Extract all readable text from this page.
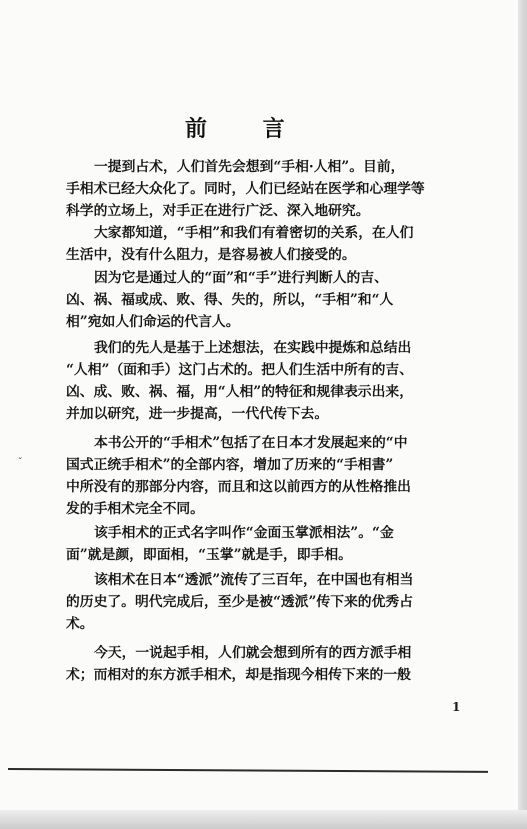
前 言
一提到占术，人们首先会想到“手相·人相”。目前，
手相术已经大众化了。同时，人们已经站在医学和心理学等
科学的立场上，对手正在进行广泛、深入地研究。
大家都知道，“手相”和我们有着密切的关系，在人们
生活中，没有什么阻力，是容易被人们接受的。
因为它是通过人的“面”和“手”进行判断人的吉、
凶、祸、福或成、败、得、失的，所以，“手相”和“人
相”宛如人们命运的代言人。
我们的先人是基于上述想法，在实践中提炼和总结出
“人相”（面和手）这门占术的。把人们生活中所有的吉、
凶、成、败、祸、福，用“人相”的特征和规律表示出来，
并加以研究，进一步提高，一代代传下去。
ˇ
本书公开的“手相术”包括了在日本才发展起来的“中
国式正统手相术”的全部内容，增加了历来的“手相書”
中所没有的那部分内容，而且和这以前西方的从性格推出
发的手相术完全不同。
该手相术的正式名字叫作“金面玉掌派相法”。“金
面”就是颜，即面相，“玉掌”就是手，即手相。
该相术在日本“透派”流传了三百年，在中国也有相当
的历史了。明代完成后，至少是被“透派”传下来的优秀占
术。
今天，一说起手相，人们就会想到所有的西方派手相
术；而相对的东方派手相术，却是指现今相传下来的一般
1
